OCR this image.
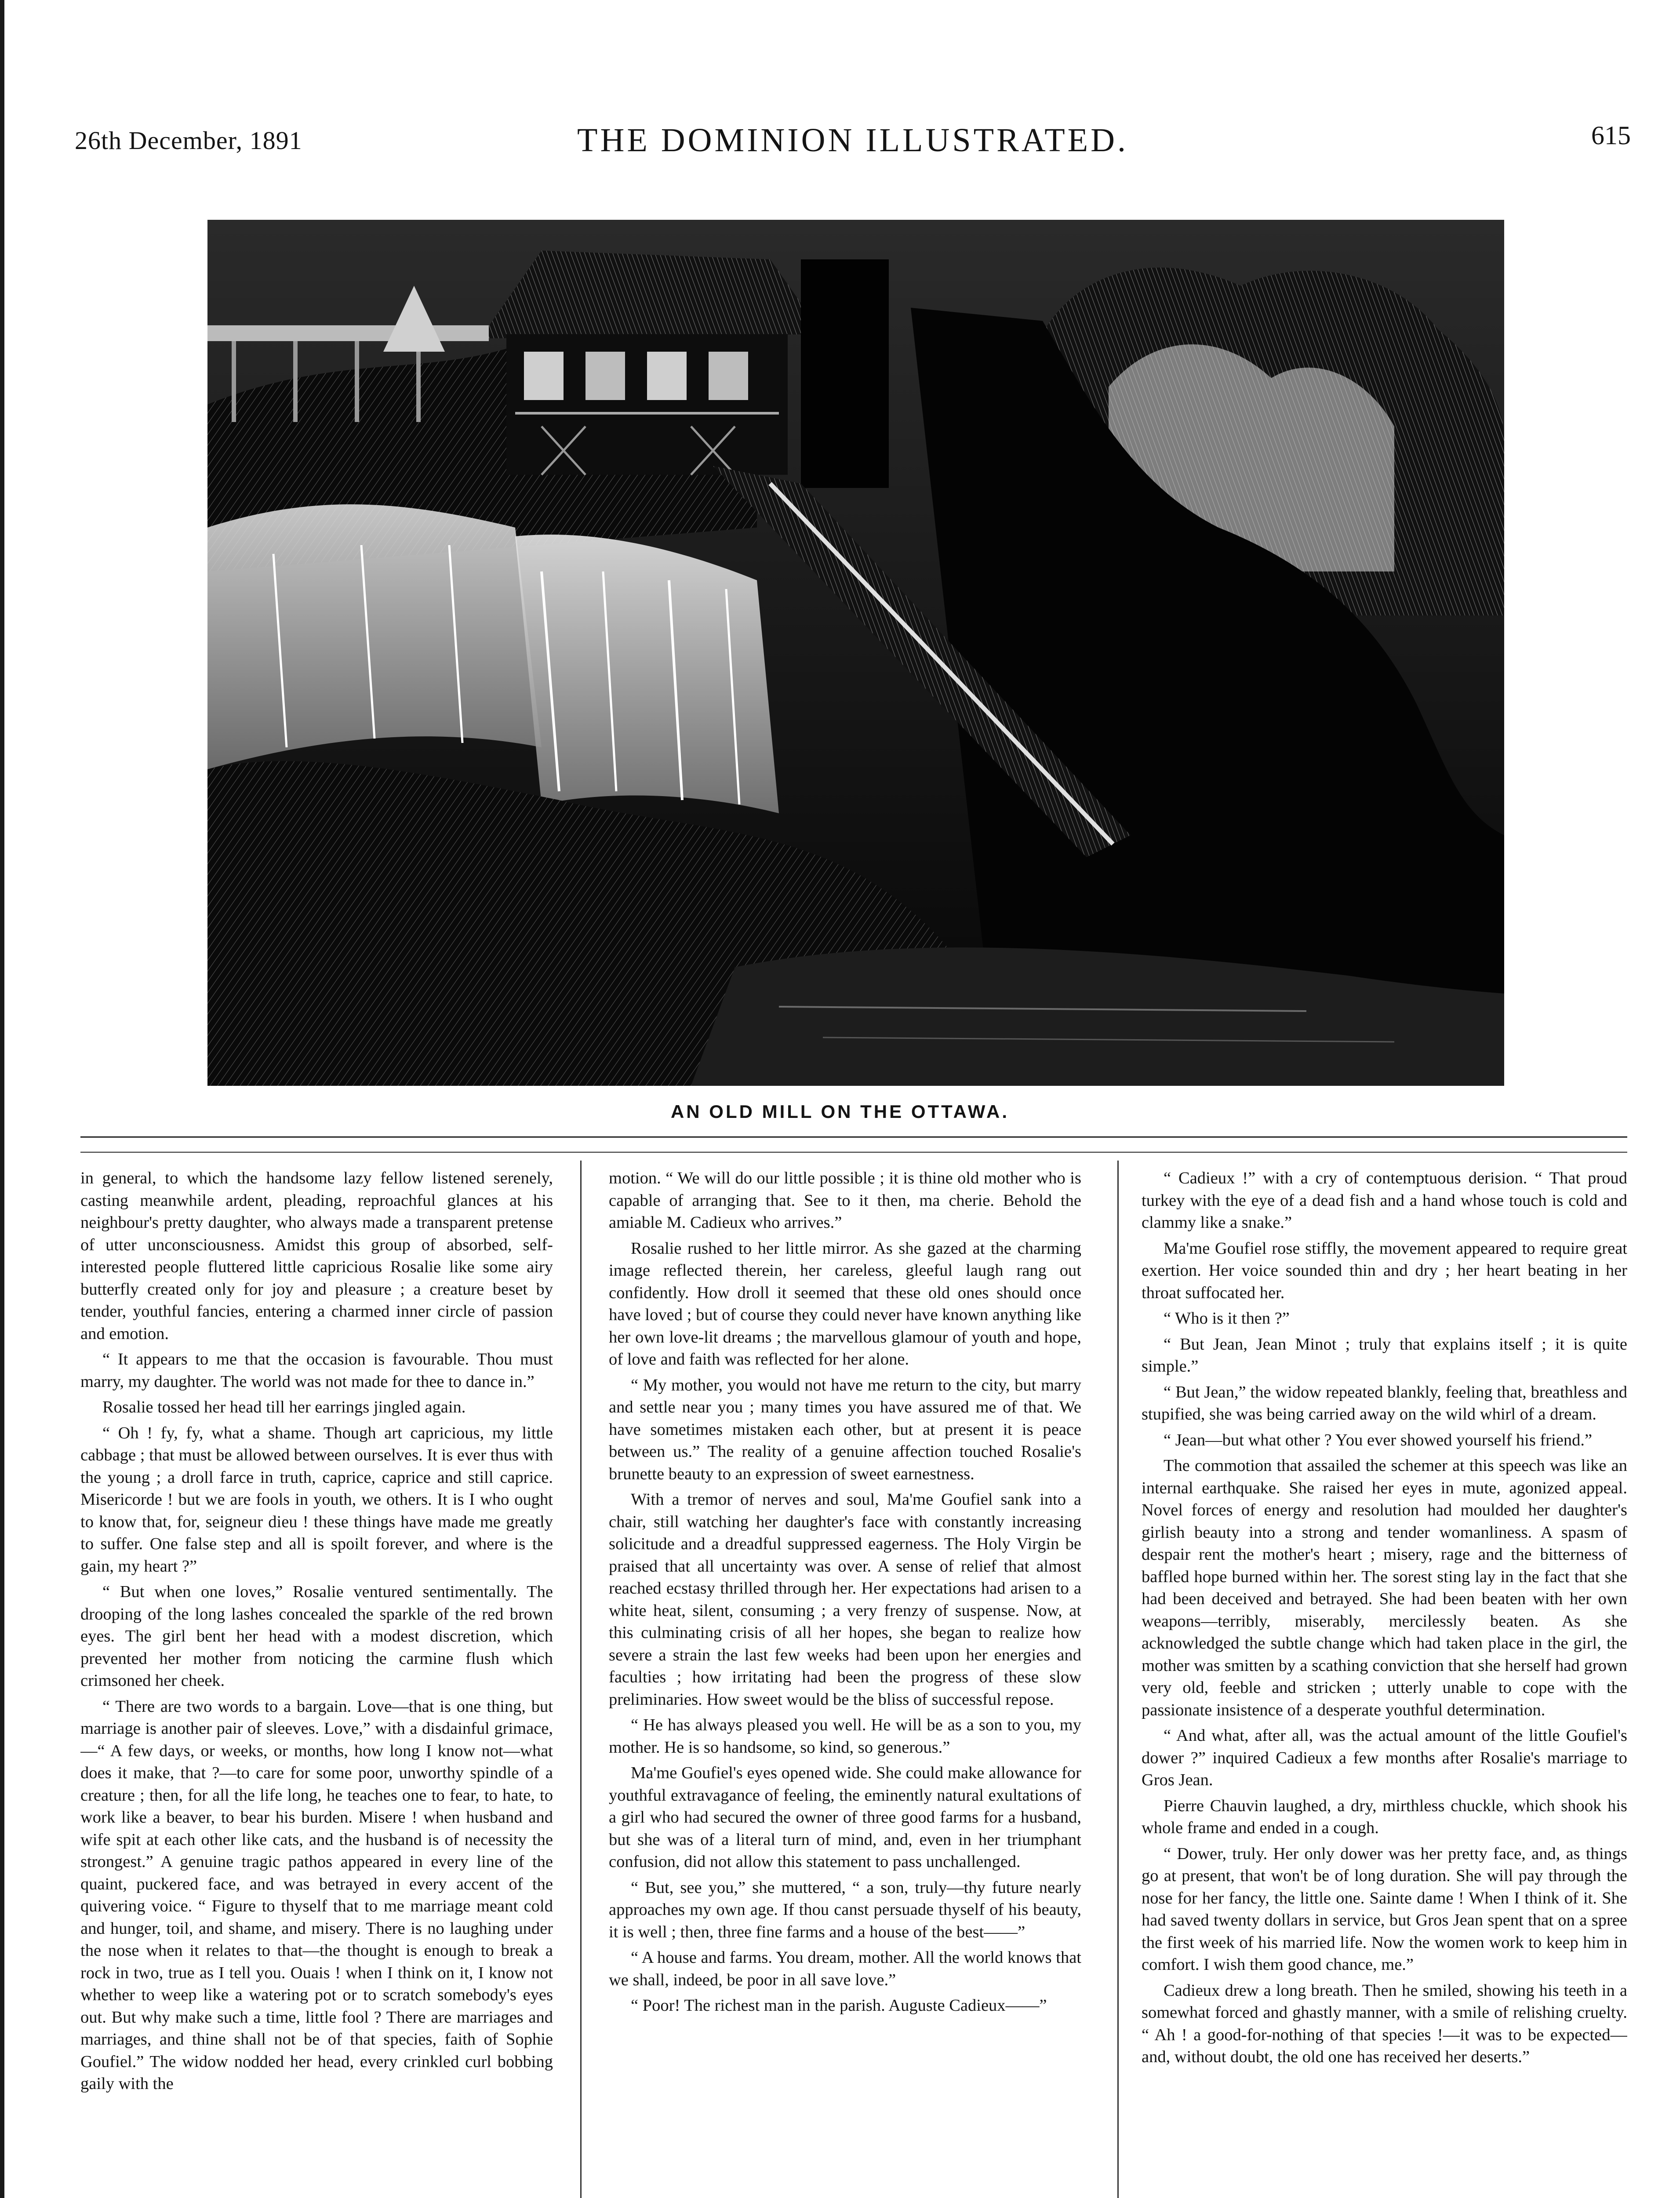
26th December, 1891	THE DOMINION ILLUSTRATED.	615
AN OLD MILL ON THE OTTAWA.

in general, to which the handsome lazy fellow listened serenely, casting meanwhile ardent, pleading, reproachful glances at his neighbour's pretty daughter, who always made a transparent pretense of utter unconsciousness. Amidst this group of absorbed, self-interested people fluttered little capricious Rosalie like some airy butterfly created only for joy and pleasure ; a creature beset by tender, youthful fancies, entering a charmed inner circle of passion and emotion.

“ It appears to me that the occasion is favourable. Thou must marry, my daughter. The world was not made for thee to dance in.”

Rosalie tossed her head till her earrings jingled again.

“ Oh ! fy, fy, what a shame. Though art capricious, my little cabbage ; that must be allowed between ourselves. It is ever thus with the young ; a droll farce in truth, caprice, caprice and still caprice. Misericorde ! but we are fools in youth, we others. It is I who ought to know that, for, seigneur dieu ! these things have made me greatly to suffer. One false step and all is spoilt forever, and where is the gain, my heart ?”

“ But when one loves,” Rosalie ventured sentimentally. The drooping of the long lashes concealed the sparkle of the red brown eyes. The girl bent her head with a modest discretion, which prevented her mother from noticing the carmine flush which crimsoned her cheek.

“ There are two words to a bargain. Love—that is one thing, but marriage is another pair of sleeves. Love,” with a disdainful grimace,—“ A few days, or weeks, or months, how long I know not—what does it make, that ?—to care for some poor, unworthy spindle of a creature ; then, for all the life long, he teaches one to fear, to hate, to work like a beaver, to bear his burden. Misere ! when husband and wife spit at each other like cats, and the husband is of necessity the strongest.” A genuine tragic pathos appeared in every line of the quaint, puckered face, and was betrayed in every accent of the quivering voice. “ Figure to thyself that to me marriage meant cold and hunger, toil, and shame, and misery. There is no laughing under the nose when it relates to that—the thought is enough to break a rock in two, true as I tell you. Ouais ! when I think on it, I know not whether to weep like a watering pot or to scratch somebody's eyes out. But why make such a time, little fool ? There are marriages and marriages, and thine shall not be of that species, faith of Sophie Goufiel.” The widow nodded her head, every crinkled curl bobbing gaily with the

motion. “ We will do our little possible ; it is thine old mother who is capable of arranging that. See to it then, ma cherie. Behold the amiable M. Cadieux who arrives.”

Rosalie rushed to her little mirror. As she gazed at the charming image reflected therein, her careless, gleeful laugh rang out confidently. How droll it seemed that these old ones should once have loved ; but of course they could never have known anything like her own love-lit dreams ; the marvellous glamour of youth and hope, of love and faith was reflected for her alone.

“ My mother, you would not have me return to the city, but marry and settle near you ; many times you have assured me of that. We have sometimes mistaken each other, but at present it is peace between us.” The reality of a genuine affection touched Rosalie's brunette beauty to an expression of sweet earnestness.

With a tremor of nerves and soul, Ma'me Goufiel sank into a chair, still watching her daughter's face with constantly increasing solicitude and a dreadful suppressed eagerness. The Holy Virgin be praised that all uncertainty was over. A sense of relief that almost reached ecstasy thrilled through her. Her expectations had arisen to a white heat, silent, consuming ; a very frenzy of suspense. Now, at this culminating crisis of all her hopes, she began to realize how severe a strain the last few weeks had been upon her energies and faculties ; how irritating had been the progress of these slow preliminaries. How sweet would be the bliss of successful repose.

“ He has always pleased you well. He will be as a son to you, my mother. He is so handsome, so kind, so generous.”

Ma'me Goufiel's eyes opened wide. She could make allowance for youthful extravagance of feeling, the eminently natural exultations of a girl who had secured the owner of three good farms for a husband, but she was of a literal turn of mind, and, even in her triumphant confusion, did not allow this statement to pass unchallenged.

“ But, see you,” she muttered, “ a son, truly—thy future nearly approaches my own age. If thou canst persuade thyself of his beauty, it is well ; then, three fine farms and a house of the best——”

“ A house and farms. You dream, mother. All the world knows that we shall, indeed, be poor in all save love.”

“ Poor! The richest man in the parish. Auguste Cadieux——”

“ Cadieux !” with a cry of contemptuous derision. “ That proud turkey with the eye of a dead fish and a hand whose touch is cold and clammy like a snake.”

Ma'me Goufiel rose stiffly, the movement appeared to require great exertion. Her voice sounded thin and dry ; her heart beating in her throat suffocated her.

“ Who is it then ?”

“ But Jean, Jean Minot ; truly that explains itself ; it is quite simple.”

“ But Jean,” the widow repeated blankly, feeling that, breathless and stupified, she was being carried away on the wild whirl of a dream.

“ Jean—but what other ? You ever showed yourself his friend.”

The commotion that assailed the schemer at this speech was like an internal earthquake. She raised her eyes in mute, agonized appeal. Novel forces of energy and resolution had moulded her daughter's girlish beauty into a strong and tender womanliness. A spasm of despair rent the mother's heart ; misery, rage and the bitterness of baffled hope burned within her. The sorest sting lay in the fact that she had been deceived and betrayed. She had been beaten with her own weapons—terribly, miserably, mercilessly beaten. As she acknowledged the subtle change which had taken place in the girl, the mother was smitten by a scathing conviction that she herself had grown very old, feeble and stricken ; utterly unable to cope with the passionate insistence of a desperate youthful determination.

“ And what, after all, was the actual amount of the little Goufiel's dower ?” inquired Cadieux a few months after Rosalie's marriage to Gros Jean.

Pierre Chauvin laughed, a dry, mirthless chuckle, which shook his whole frame and ended in a cough.

“ Dower, truly. Her only dower was her pretty face, and, as things go at present, that won't be of long duration. She will pay through the nose for her fancy, the little one. Sainte dame ! When I think of it. She had saved twenty dollars in service, but Gros Jean spent that on a spree the first week of his married life. Now the women work to keep him in comfort. I wish them good chance, me.”

Cadieux drew a long breath. Then he smiled, showing his teeth in a somewhat forced and ghastly manner, with a smile of relishing cruelty. “ Ah ! a good-for-nothing of that species !—it was to be expected—and, without doubt, the old one has received her deserts.”
